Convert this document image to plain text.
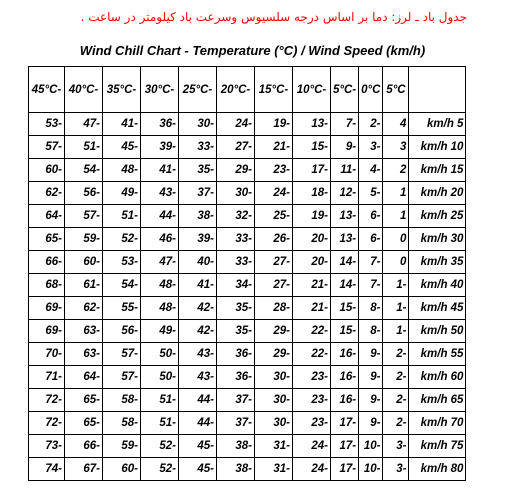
جدول باد ـ لرز: دما بر اساس درجه سلسیوس وسرعت باد کیلومتر در ساعت .
Wind Chill Chart - Temperature (°C) / Wind Speed (km/h)
45°C-	40°C-	35°C-	30°C-	25°C-	20°C-	15°C-	10°C-	5°C-	0°C	5°C	
53-	47-	41-	36-	30-	24-	19-	13-	7-	2-	4	km/h 5
57-	51-	45-	39-	33-	27-	21-	15-	9-	3-	3	km/h 10
60-	54-	48-	41-	35-	29-	23-	17-	11-	4-	2	km/h 15
62-	56-	49-	43-	37-	30-	24-	18-	12-	5-	1	km/h 20
64-	57-	51-	44-	38-	32-	25-	19-	13-	6-	1	km/h 25
65-	59-	52-	46-	39-	33-	26-	20-	13-	6-	0	km/h 30
66-	60-	53-	47-	40-	33-	27-	20-	14-	7-	0	km/h 35
68-	61-	54-	48-	41-	34-	27-	21-	14-	7-	1-	km/h 40
69-	62-	55-	48-	42-	35-	28-	21-	15-	8-	1-	km/h 45
69-	63-	56-	49-	42-	35-	29-	22-	15-	8-	1-	km/h 50
70-	63-	57-	50-	43-	36-	29-	22-	16-	9-	2-	km/h 55
71-	64-	57-	50-	43-	36-	30-	23-	16-	9-	2-	km/h 60
72-	65-	58-	51-	44-	37-	30-	23-	16-	9-	2-	km/h 65
72-	65-	58-	51-	44-	37-	30-	23-	17-	9-	2-	km/h 70
73-	66-	59-	52-	45-	38-	31-	24-	17-	10-	3-	km/h 75
74-	67-	60-	52-	45-	38-	31-	24-	17-	10-	3-	km/h 80
